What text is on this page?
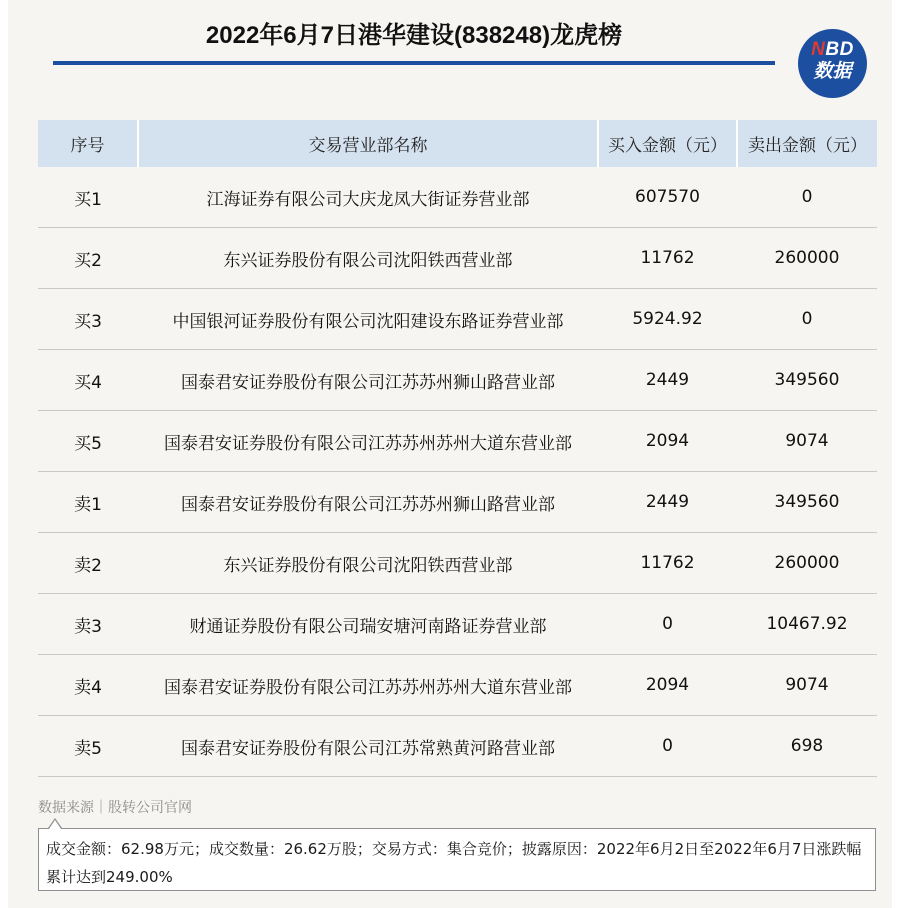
2022年6月7日港华建设(838248)龙虎榜
NBD
数据
序号	交易营业部名称	买入金额（元）	卖出金额（元）
买1	江海证券有限公司大庆龙凤大街证券营业部	607570	0
买2	东兴证券股份有限公司沈阳铁西营业部	11762	260000
买3	中国银河证券股份有限公司沈阳建设东路证券营业部	5924.92	0
买4	国泰君安证券股份有限公司江苏苏州狮山路营业部	2449	349560
买5	国泰君安证券股份有限公司江苏苏州苏州大道东营业部	2094	9074
卖1	国泰君安证券股份有限公司江苏苏州狮山路营业部	2449	349560
卖2	东兴证券股份有限公司沈阳铁西营业部	11762	260000
卖3	财通证券股份有限公司瑞安塘河南路证券营业部	0	10467.92
卖4	国泰君安证券股份有限公司江苏苏州苏州大道东营业部	2094	9074
卖5	国泰君安证券股份有限公司江苏常熟黄河路营业部	0	698
数据来源｜股转公司官网
成交金额：62.98万元；成交数量：26.62万股；交易方式：集合竞价；披露原因：2022年6月2日至2022年6月7日涨跌幅累计达到249.00%
